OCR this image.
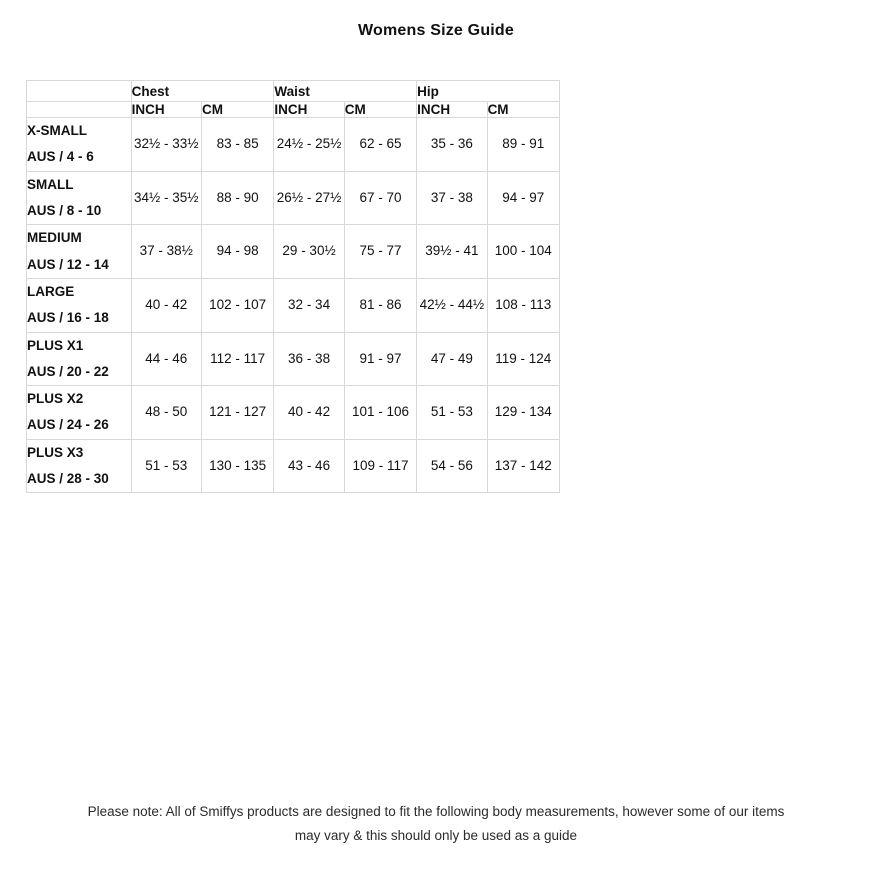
Womens Size Guide
	Chest		Waist		Hip	
	INCH	CM	INCH	CM	INCH	CM

X-SMALL
AUS / 4 - 6	32½ - 33½	83 - 85	24½ - 25½	62 - 65	35 - 36	89 - 91

SMALL
AUS / 8 - 10	34½ - 35½	88 - 90	26½ - 27½	67 - 70	37 - 38	94 - 97

MEDIUM
AUS / 12 - 14	37 - 38½	94 - 98	29 - 30½	75 - 77	39½ - 41	100 - 104

LARGE
AUS / 16 - 18	40 - 42	102 - 107	32 - 34	81 - 86	42½ - 44½	108 - 113

PLUS X1
AUS / 20 - 22	44 - 46	112 - 117	36 - 38	91 - 97	47 - 49	119 - 124

PLUS X2
AUS / 24 - 26	48 - 50	121 - 127	40 - 42	101 - 106	51 - 53	129 - 134

PLUS X3
AUS / 28 - 30	51 - 53	130 - 135	43 - 46	109 - 117	54 - 56	137 - 142
Please note: All of Smiffys products are designed to fit the following body measurements, however some of our items
may vary & this should only be used as a guide
